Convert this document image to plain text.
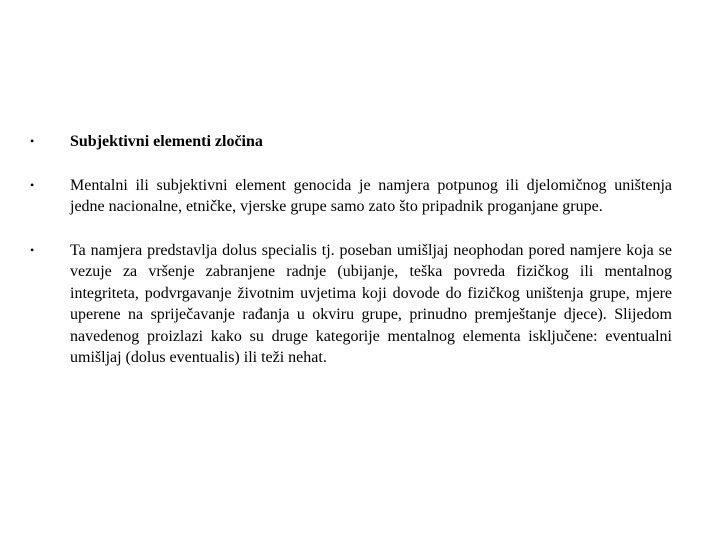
•	Subjektivni elementi zločina

•	Mentalni ili subjektivni element genocida je namjera potpunog ili djelomičnog uništenja jedne nacionalne, etničke, vjerske grupe samo zato što pripadnik proganjane grupe.

•	Ta namjera predstavlja dolus specialis tj. poseban umišljaj neophodan pored namjere koja se vezuje za vršenje zabranjene radnje (ubijanje, teška povreda fizičkog ili mentalnog integriteta, podvrgavanje životnim uvjetima koji dovode do fizičkog uništenja grupe, mjere uperene na spriječavanje rađanja u okviru grupe, prinudno premještanje djece). Slijedom navedenog proizlazi kako su druge kategorije mentalnog elementa isključene: eventualni umišljaj (dolus eventualis) ili teži nehat.
